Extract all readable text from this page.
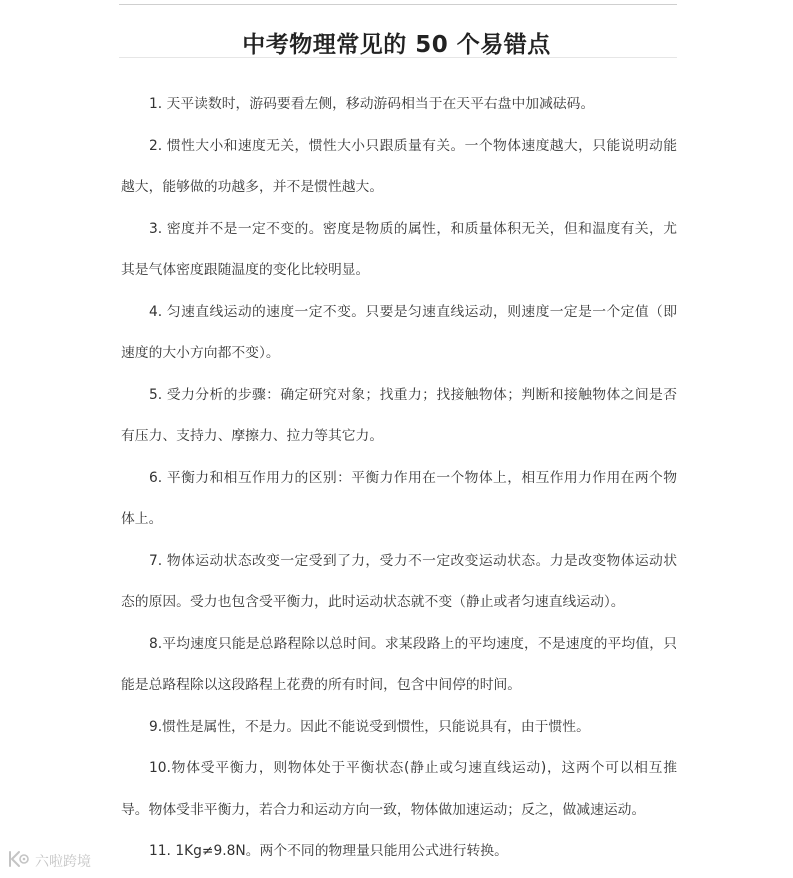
中考物理常见的 50 个易错点

1. 天平读数时，游码要看左侧，移动游码相当于在天平右盘中加减砝码。

2. 惯性大小和速度无关，惯性大小只跟质量有关。一个物体速度越大，只能说明动能越大，能够做的功越多，并不是惯性越大。

3. 密度并不是一定不变的。密度是物质的属性，和质量体积无关，但和温度有关，尤其是气体密度跟随温度的变化比较明显。

4. 匀速直线运动的速度一定不变。只要是匀速直线运动，则速度一定是一个定值（即速度的大小方向都不变）。

5. 受力分析的步骤：确定研究对象；找重力；找接触物体；判断和接触物体之间是否有压力、支持力、摩擦力、拉力等其它力。

6. 平衡力和相互作用力的区别：平衡力作用在一个物体上，相互作用力作用在两个物体上。

7. 物体运动状态改变一定受到了力，受力不一定改变运动状态。力是改变物体运动状态的原因。受力也包含受平衡力，此时运动状态就不变（静止或者匀速直线运动）。

8.平均速度只能是总路程除以总时间。求某段路上的平均速度，不是速度的平均值，只能是总路程除以这段路程上花费的所有时间，包含中间停的时间。

9.惯性是属性，不是力。因此不能说受到惯性，只能说具有，由于惯性。

10.物体受平衡力，则物体处于平衡状态(静止或匀速直线运动)，这两个可以相互推导。物体受非平衡力，若合力和运动方向一致，物体做加速运动；反之，做减速运动。

11. 1Kg≠9.8N。两个不同的物理量只能用公式进行转换。

六啦跨境
